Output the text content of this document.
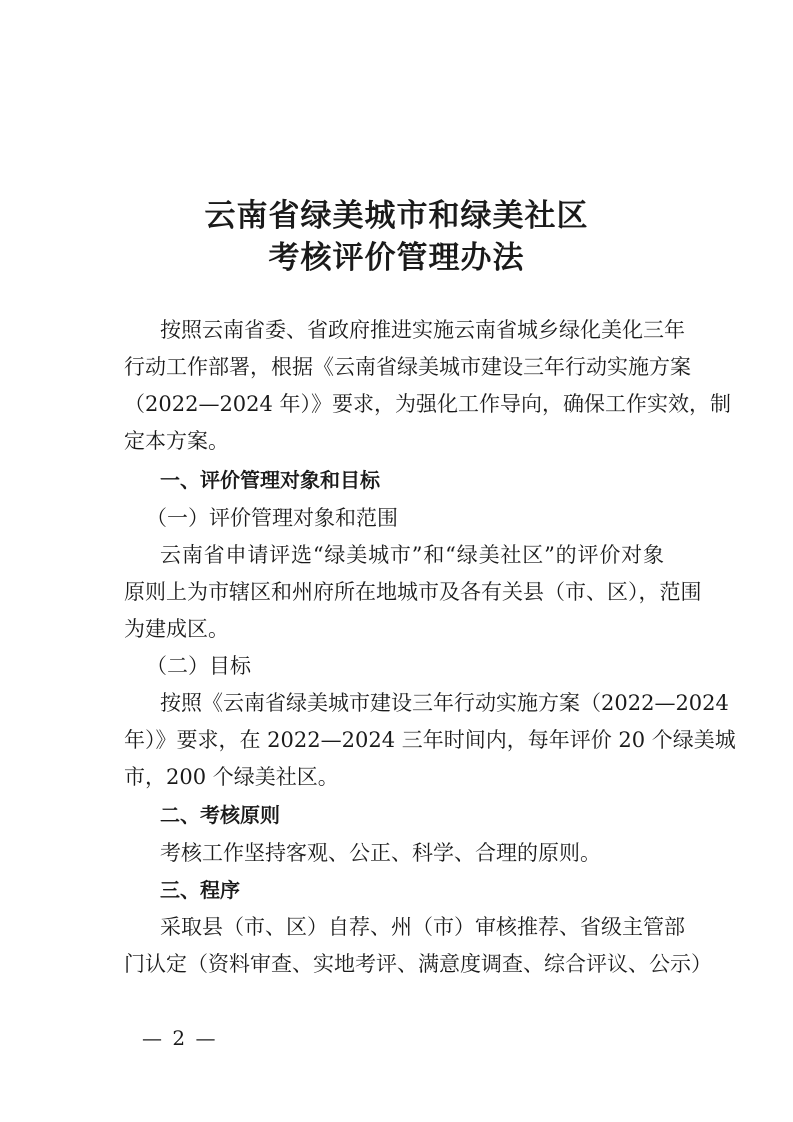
云南省绿美城市和绿美社区
考核评价管理办法
按照云南省委、省政府推进实施云南省城乡绿化美化三年
行动工作部署，根据《云南省绿美城市建设三年行动实施方案
（2022—2024 年）》要求，为强化工作导向，确保工作实效，制
定本方案。
一、评价管理对象和目标
（一）评价管理对象和范围
云南省申请评选“绿美城市”和“绿美社区”的评价对象
原则上为市辖区和州府所在地城市及各有关县（市、区），范围
为建成区。
（二）目标
按照《云南省绿美城市建设三年行动实施方案（2022—2024
年）》要求，在 2022—2024 三年时间内，每年评价 20 个绿美城
市，200 个绿美社区。
二、考核原则
考核工作坚持客观、公正、科学、合理的原则。
三、程序
采取县（市、区）自荐、州（市）审核推荐、省级主管部
门认定（资料审查、实地考评、满意度调查、综合评议、公示）
— 2 —
